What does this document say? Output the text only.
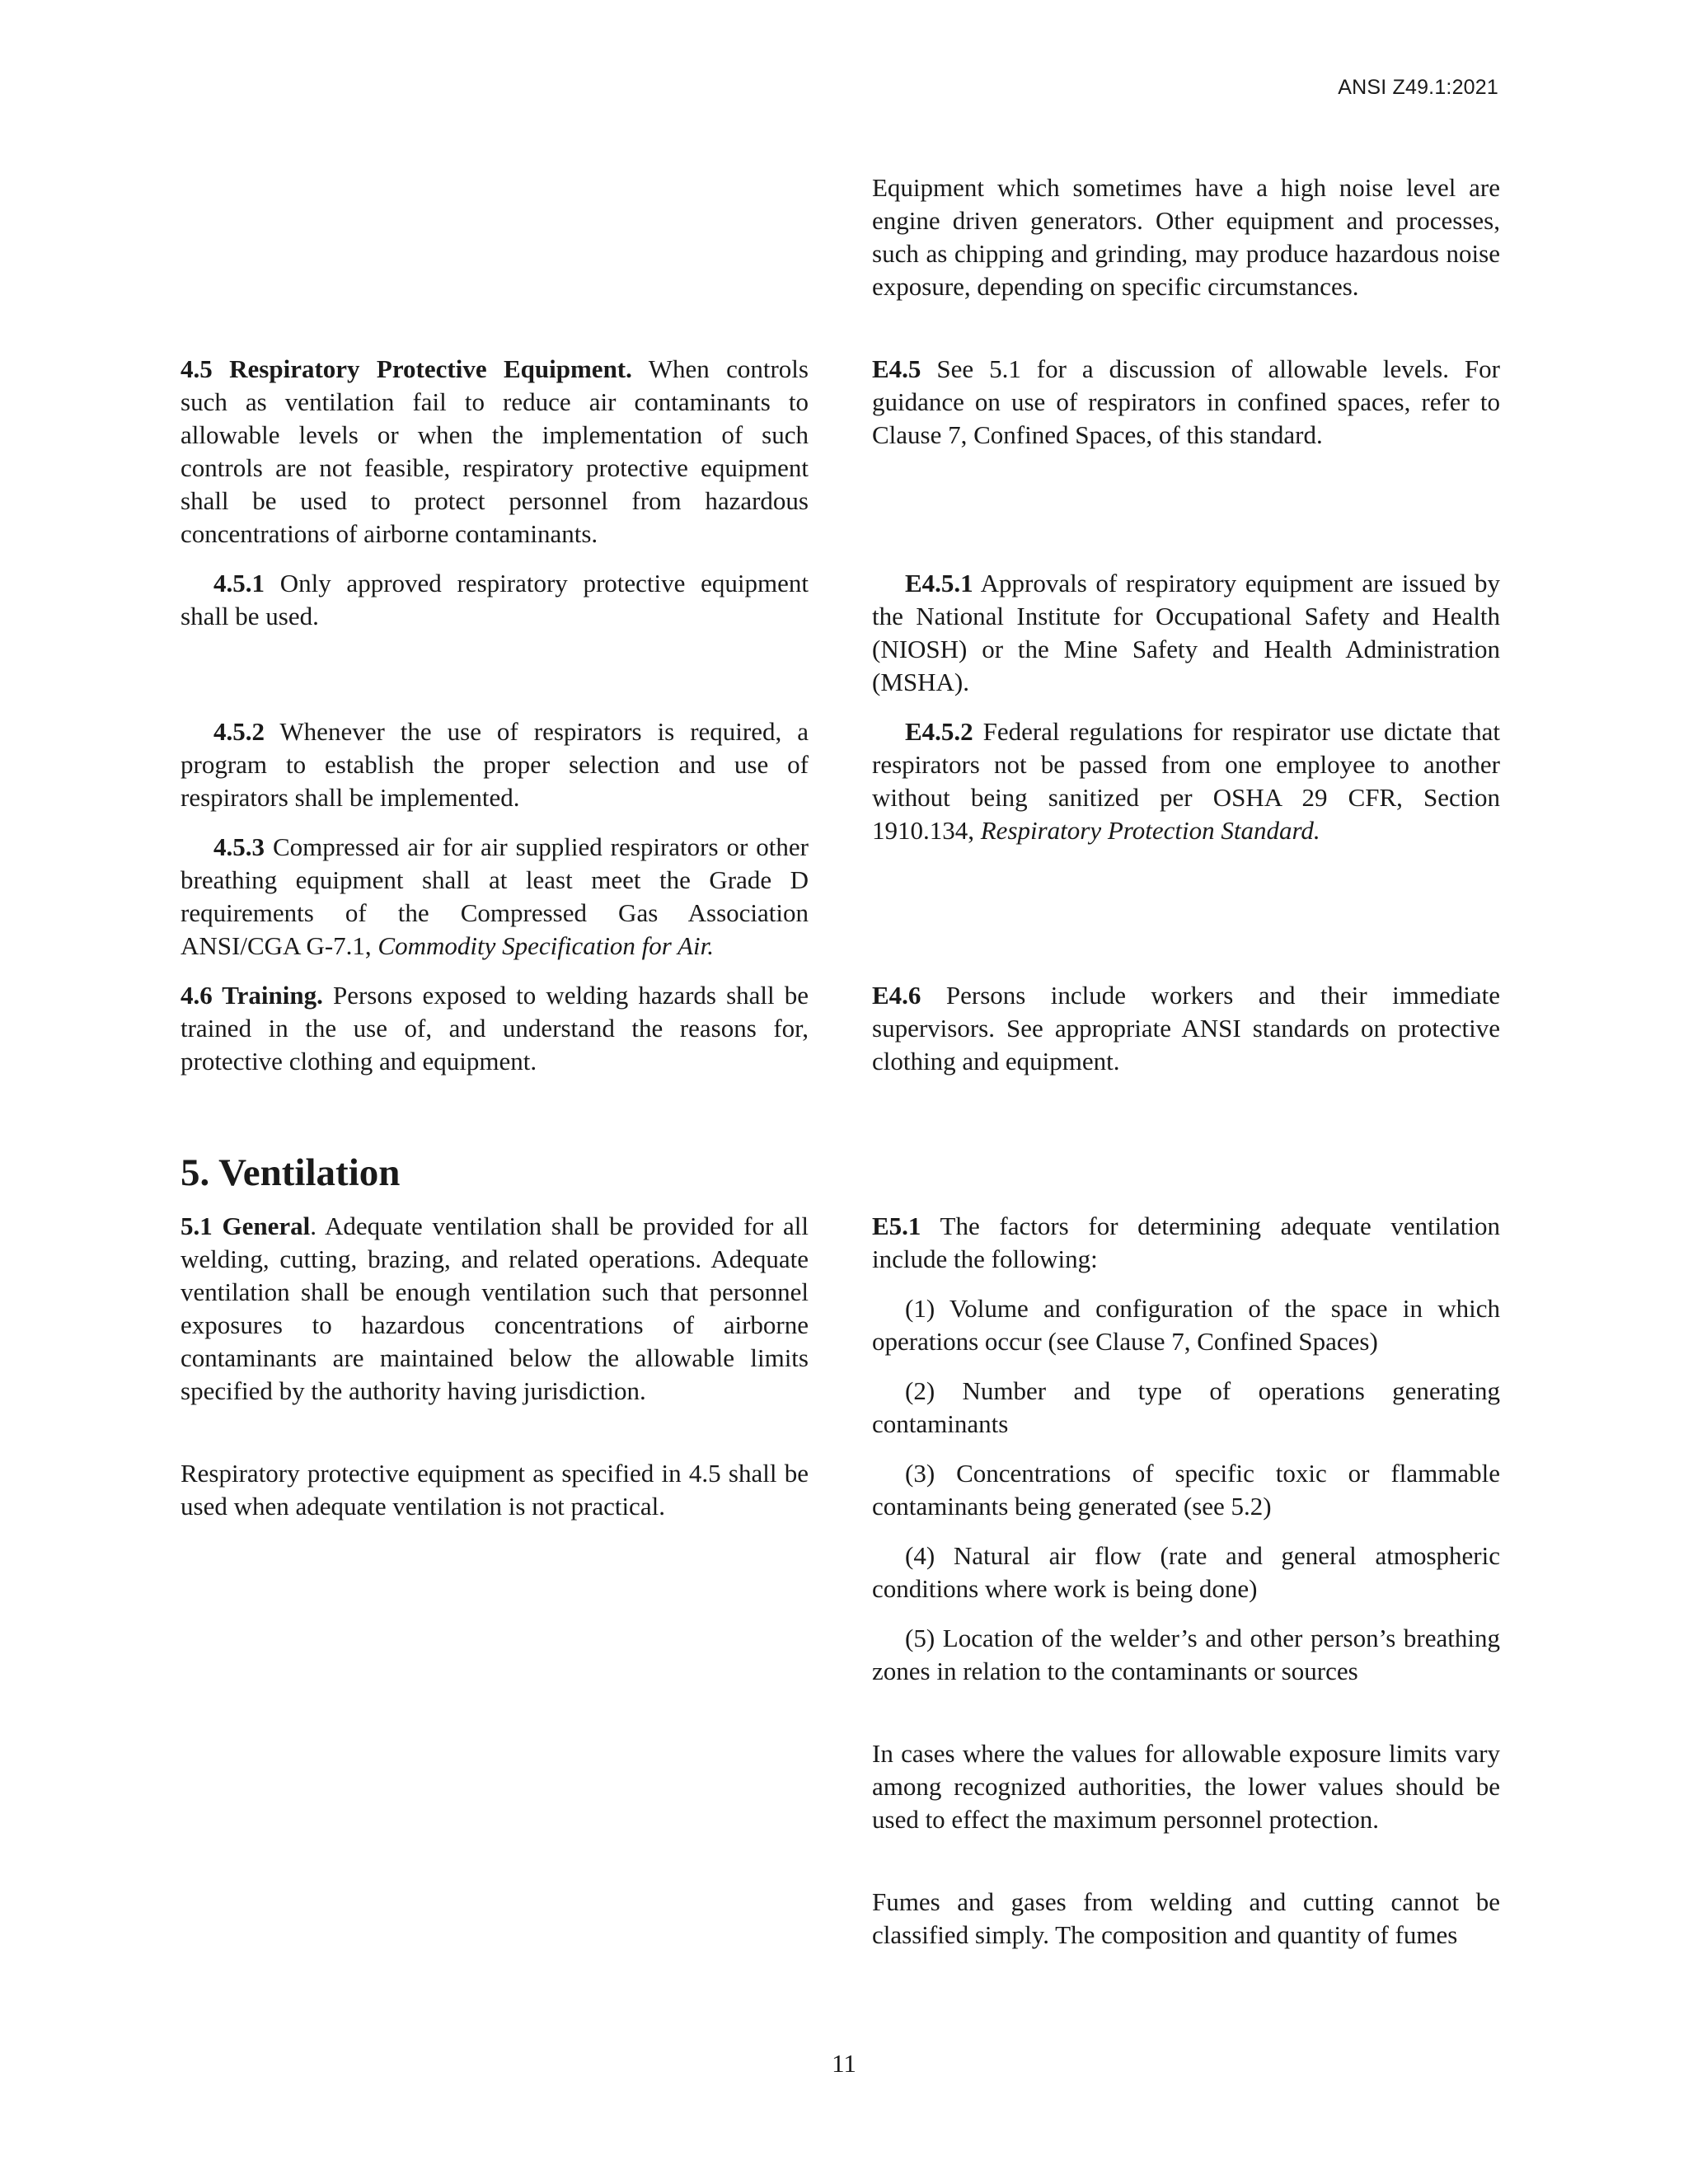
ANSI Z49.1:2021

4.5 Respiratory Protective Equipment. When controls such as ventilation fail to reduce air contaminants to allowable levels or when the implementation of such controls are not feasible, respiratory protective equipment shall be used to protect personnel from hazardous concentrations of airborne contaminants.

4.5.1 Only approved respiratory protective equipment shall be used.

4.5.2 Whenever the use of respirators is required, a program to establish the proper selection and use of respirators shall be implemented.

4.5.3 Compressed air for air supplied respirators or other breathing equipment shall at least meet the Grade D requirements of the Compressed Gas Association ANSI/CGA G-7.1, Commodity Specification for Air.

4.6 Training. Persons exposed to welding hazards shall be trained in the use of, and understand the reasons for, protective clothing and equipment.

5. Ventilation

5.1 General. Adequate ventilation shall be provided for all welding, cutting, brazing, and related operations. Adequate ventilation shall be enough ventilation such that personnel exposures to hazardous concentrations of airborne contaminants are maintained below the allowable limits specified by the authority having jurisdiction.

Respiratory protective equipment as specified in 4.5 shall be used when adequate ventilation is not practical.

Equipment which sometimes have a high noise level are engine driven generators. Other equipment and processes, such as chipping and grinding, may produce hazardous noise exposure, depending on specific circumstances.

E4.5 See 5.1 for a discussion of allowable levels. For guidance on use of respirators in confined spaces, refer to Clause 7, Confined Spaces, of this standard.

E4.5.1 Approvals of respiratory equipment are issued by the National Institute for Occupational Safety and Health (NIOSH) or the Mine Safety and Health Administration (MSHA).

E4.5.2 Federal regulations for respirator use dictate that respirators not be passed from one employee to another without being sanitized per OSHA 29 CFR, Section 1910.134, Respiratory Protection Standard.

E4.6 Persons include workers and their immediate supervisors. See appropriate ANSI standards on protective clothing and equipment.

E5.1 The factors for determining adequate ventilation include the following:

(1) Volume and configuration of the space in which operations occur (see Clause 7, Confined Spaces)

(2) Number and type of operations generating contaminants

(3) Concentrations of specific toxic or flammable contaminants being generated (see 5.2)

(4) Natural air flow (rate and general atmospheric conditions where work is being done)

(5) Location of the welder’s and other person’s breathing zones in relation to the contaminants or sources

In cases where the values for allowable exposure limits vary among recognized authorities, the lower values should be used to effect the maximum personnel protection.

Fumes and gases from welding and cutting cannot be classified simply. The composition and quantity of fumes

11
